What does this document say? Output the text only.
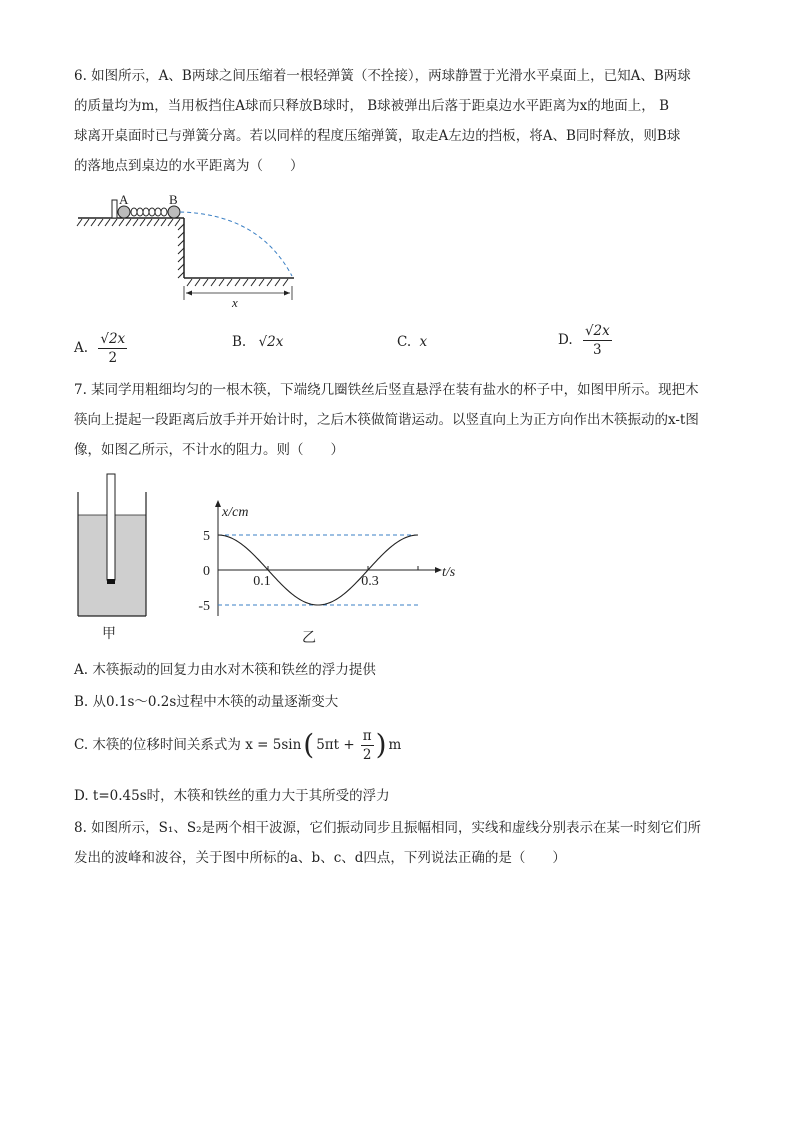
6. 如图所示，A、B两球之间压缩着一根轻弹簧（不拴接），两球静置于光滑水平桌面上，已知A、B两球
的质量均为m，当用板挡住A球而只释放B球时， B球被弹出后落于距桌边水平距离为x的地面上， B
球离开桌面时已与弹簧分离。若以同样的程度压缩弹簧，取走A左边的挡板，将A、B同时释放，则B球
的落地点到桌边的水平距离为（　　）
A	B
x
A. $\frac{√2x}{2}$	B. √2x	C. x	D. $\frac{√2x}{3}$
7. 某同学用粗细均匀的一根木筷，下端绕几圈铁丝后竖直悬浮在装有盐水的杯子中，如图甲所示。现把木
筷向上提起一段距离后放手并开始计时，之后木筷做简谐运动。以竖直向上为正方向作出木筷振动的x-t图
像，如图乙所示，不计水的阻力。则（　　）
甲
x/cm
t/s
5
0
-5
0.1	0.3
乙
A. 木筷振动的回复力由水对木筷和铁丝的浮力提供
B. 从0.1s～0.2s过程中木筷的动量逐渐变大
C. 木筷的位移时间关系式为 x = 5sin ( $5\pi t + \frac{\pi}{2}$ ) m
D. t=0.45s时，木筷和铁丝的重力大于其所受的浮力
8. 如图所示，S₁、S₂是两个相干波源，它们振动同步且振幅相同，实线和虚线分别表示在某一时刻它们所
发出的波峰和波谷，关于图中所标的a、b、c、d四点，下列说法正确的是（　　）
